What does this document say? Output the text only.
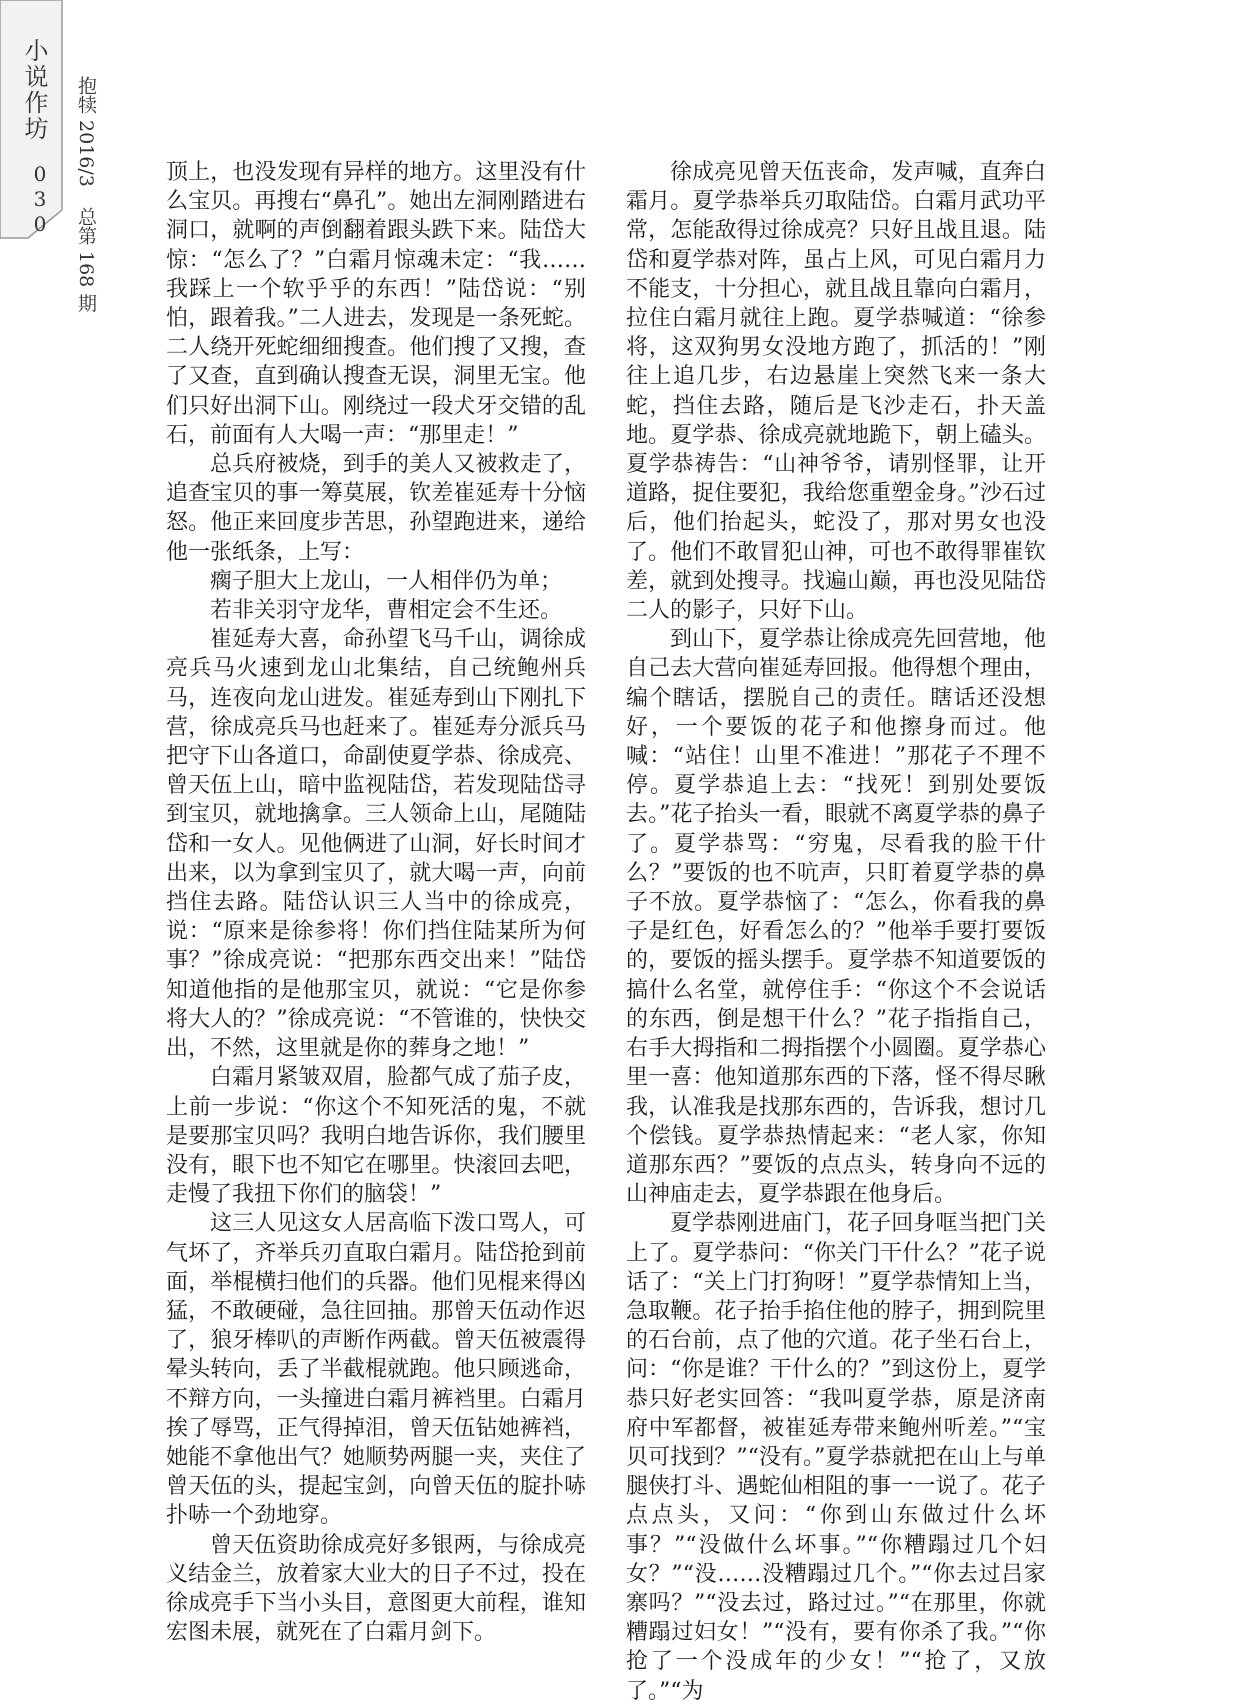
小说作坊
030
抱犊 2016/3 总第 168 期

顶上，也没发现有异样的地方。这里没有什么宝贝。再搜右“鼻孔”。她出左洞刚踏进右洞口，就啊的声倒翻着跟头跌下来。陆岱大惊：“怎么了？”白霜月惊魂未定：“我……我踩上一个软乎乎的东西！”陆岱说：“别怕，跟着我。”二人进去，发现是一条死蛇。二人绕开死蛇细细搜查。他们搜了又搜，查了又查，直到确认搜查无误，洞里无宝。他们只好出洞下山。刚绕过一段犬牙交错的乱石，前面有人大喝一声：“那里走！”

总兵府被烧，到手的美人又被救走了，追查宝贝的事一筹莫展，钦差崔延寿十分恼怒。他正来回度步苦思，孙望跑进来，递给他一张纸条，上写：

瘸子胆大上龙山，一人相伴仍为单；

若非关羽守龙华，曹相定会不生还。

崔延寿大喜，命孙望飞马千山，调徐成亮兵马火速到龙山北集结，自己统鲍州兵马，连夜向龙山进发。崔延寿到山下刚扎下营，徐成亮兵马也赶来了。崔延寿分派兵马把守下山各道口，命副使夏学恭、徐成亮、曾天伍上山，暗中监视陆岱，若发现陆岱寻到宝贝，就地擒拿。三人领命上山，尾随陆岱和一女人。见他俩进了山洞，好长时间才出来，以为拿到宝贝了，就大喝一声，向前挡住去路。陆岱认识三人当中的徐成亮，说：“原来是徐参将！你们挡住陆某所为何事？”徐成亮说：“把那东西交出来！”陆岱知道他指的是他那宝贝，就说：“它是你参将大人的？”徐成亮说：“不管谁的，快快交出，不然，这里就是你的葬身之地！”

白霜月紧皱双眉，脸都气成了茄子皮，上前一步说：“你这个不知死活的鬼，不就是要那宝贝吗？我明白地告诉你，我们腰里没有，眼下也不知它在哪里。快滚回去吧，走慢了我扭下你们的脑袋！”

这三人见这女人居高临下泼口骂人，可气坏了，齐举兵刃直取白霜月。陆岱抢到前面，举棍横扫他们的兵器。他们见棍来得凶猛，不敢硬碰，急往回抽。那曾天伍动作迟了，狼牙棒叭的声断作两截。曾天伍被震得晕头转向，丢了半截棍就跑。他只顾逃命，不辩方向，一头撞进白霜月裤裆里。白霜月挨了辱骂，正气得掉泪，曾天伍钻她裤裆，她能不拿他出气？她顺势两腿一夹，夹住了曾天伍的头，提起宝剑，向曾天伍的腚扑哧扑哧一个劲地穿。

曾天伍资助徐成亮好多银两，与徐成亮义结金兰，放着家大业大的日子不过，投在徐成亮手下当小头目，意图更大前程，谁知宏图未展，就死在了白霜月剑下。

徐成亮见曾天伍丧命，发声喊，直奔白霜月。夏学恭举兵刃取陆岱。白霜月武功平常，怎能敌得过徐成亮？只好且战且退。陆岱和夏学恭对阵，虽占上风，可见白霜月力不能支，十分担心，就且战且靠向白霜月，拉住白霜月就往上跑。夏学恭喊道：“徐参将，这双狗男女没地方跑了，抓活的！”刚往上追几步，右边悬崖上突然飞来一条大蛇，挡住去路，随后是飞沙走石，扑天盖地。夏学恭、徐成亮就地跪下，朝上磕头。夏学恭祷告：“山神爷爷，请别怪罪，让开道路，捉住要犯，我给您重塑金身。”沙石过后，他们抬起头，蛇没了，那对男女也没了。他们不敢冒犯山神，可也不敢得罪崔钦差，就到处搜寻。找遍山巅，再也没见陆岱二人的影子，只好下山。

到山下，夏学恭让徐成亮先回营地，他自己去大营向崔延寿回报。他得想个理由，编个瞎话，摆脱自己的责任。瞎话还没想好，一个要饭的花子和他擦身而过。他喊：“站住！山里不准进！”那花子不理不停。夏学恭追上去：“找死！到别处要饭去。”花子抬头一看，眼就不离夏学恭的鼻子了。夏学恭骂：“穷鬼，尽看我的脸干什么？”要饭的也不吭声，只盯着夏学恭的鼻子不放。夏学恭恼了：“怎么，你看我的鼻子是红色，好看怎么的？”他举手要打要饭的，要饭的摇头摆手。夏学恭不知道要饭的搞什么名堂，就停住手：“你这个不会说话的东西，倒是想干什么？”花子指指自己，右手大拇指和二拇指摆个小圆圈。夏学恭心里一喜：他知道那东西的下落，怪不得尽瞅我，认准我是找那东西的，告诉我，想讨几个偿钱。夏学恭热情起来：“老人家，你知道那东西？”要饭的点点头，转身向不远的山神庙走去，夏学恭跟在他身后。

夏学恭刚进庙门，花子回身哐当把门关上了。夏学恭问：“你关门干什么？”花子说话了：“关上门打狗呀！”夏学恭情知上当，急取鞭。花子抬手掐住他的脖子，拥到院里的石台前，点了他的穴道。花子坐石台上，问：“你是谁？干什么的？”到这份上，夏学恭只好老实回答：“我叫夏学恭，原是济南府中军都督，被崔延寿带来鲍州听差。”“宝贝可找到？”“没有。”夏学恭就把在山上与单腿侠打斗、遇蛇仙相阻的事一一说了。花子点点头，又问：“你到山东做过什么坏事？”“没做什么坏事。”“你糟蹋过几个妇女？”“没……没糟蹋过几个。”“你去过吕家寨吗？”“没去过，路过过。”“在那里，你就糟蹋过妇女！”“没有，要有你杀了我。”“你抢了一个没成年的少女！”“抢了，又放了。”“为
